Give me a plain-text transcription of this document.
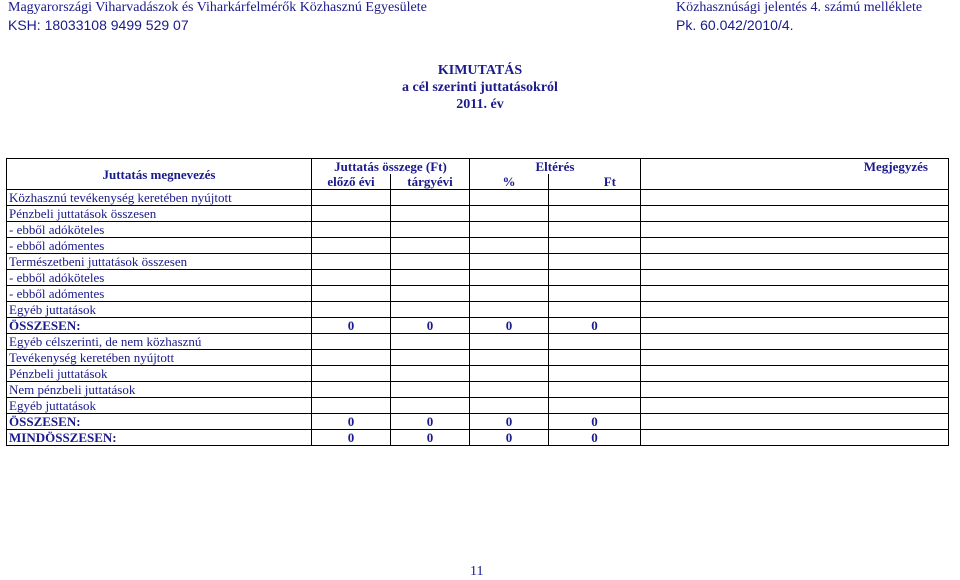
Magyarországi Viharvadászok és Viharkárfelmérők Közhasznú Egyesülete
KSH: 18033108 9499 529 07
Közhasznúsági jelentés 4. számú melléklete
Pk. 60.042/2010/4.
KIMUTATÁS
a cél szerinti juttatásokról
2011. év
Juttatás megnevezés	Juttatás összege (Ft)		Eltérés		Megjegyzés
	előző évi	tárgyévi	%	Ft	
Közhasznú tevékenység keretében nyújtott					
Pénzbeli juttatások összesen					
- ebből adóköteles					
- ebből adómentes					
Természetbeni juttatások összesen					
- ebből adóköteles					
- ebből adómentes					
Egyéb juttatások					
ÖSSZESEN:	0	0	0	0	
Egyéb célszerinti, de nem közhasznú					
Tevékenység keretében nyújtott					
Pénzbeli juttatások					
Nem pénzbeli juttatások					
Egyéb juttatások					
ÖSSZESEN:	0	0	0	0	
MINDÖSSZESEN:	0	0	0	0	
11
